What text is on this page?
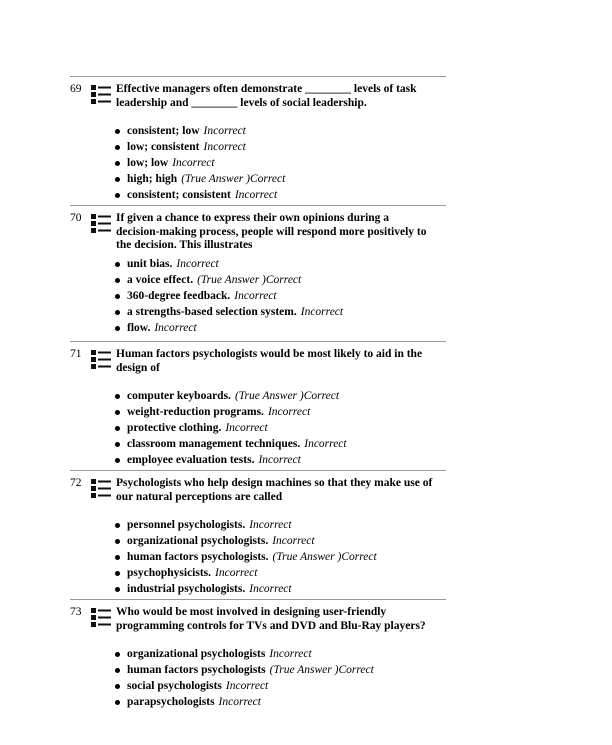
69	Effective managers often demonstrate ________ levels of task
leadership and ________ levels of social leadership.
consistent; low Incorrect
low; consistent Incorrect
low; low Incorrect
high; high (True Answer )Correct
consistent; consistent Incorrect
70	If given a chance to express their own opinions during a
decision-making process, people will respond more positively to
the decision. This illustrates
unit bias. Incorrect
a voice effect. (True Answer )Correct
360-degree feedback. Incorrect
a strengths-based selection system. Incorrect
flow. Incorrect
71	Human factors psychologists would be most likely to aid in the
design of
computer keyboards. (True Answer )Correct
weight-reduction programs. Incorrect
protective clothing. Incorrect
classroom management techniques. Incorrect
employee evaluation tests. Incorrect
72	Psychologists who help design machines so that they make use of
our natural perceptions are called
personnel psychologists. Incorrect
organizational psychologists. Incorrect
human factors psychologists. (True Answer )Correct
psychophysicists. Incorrect
industrial psychologists. Incorrect
73	Who would be most involved in designing user-friendly
programming controls for TVs and DVD and Blu-Ray players?
organizational psychologists Incorrect
human factors psychologists (True Answer )Correct
social psychologists Incorrect
parapsychologists Incorrect
